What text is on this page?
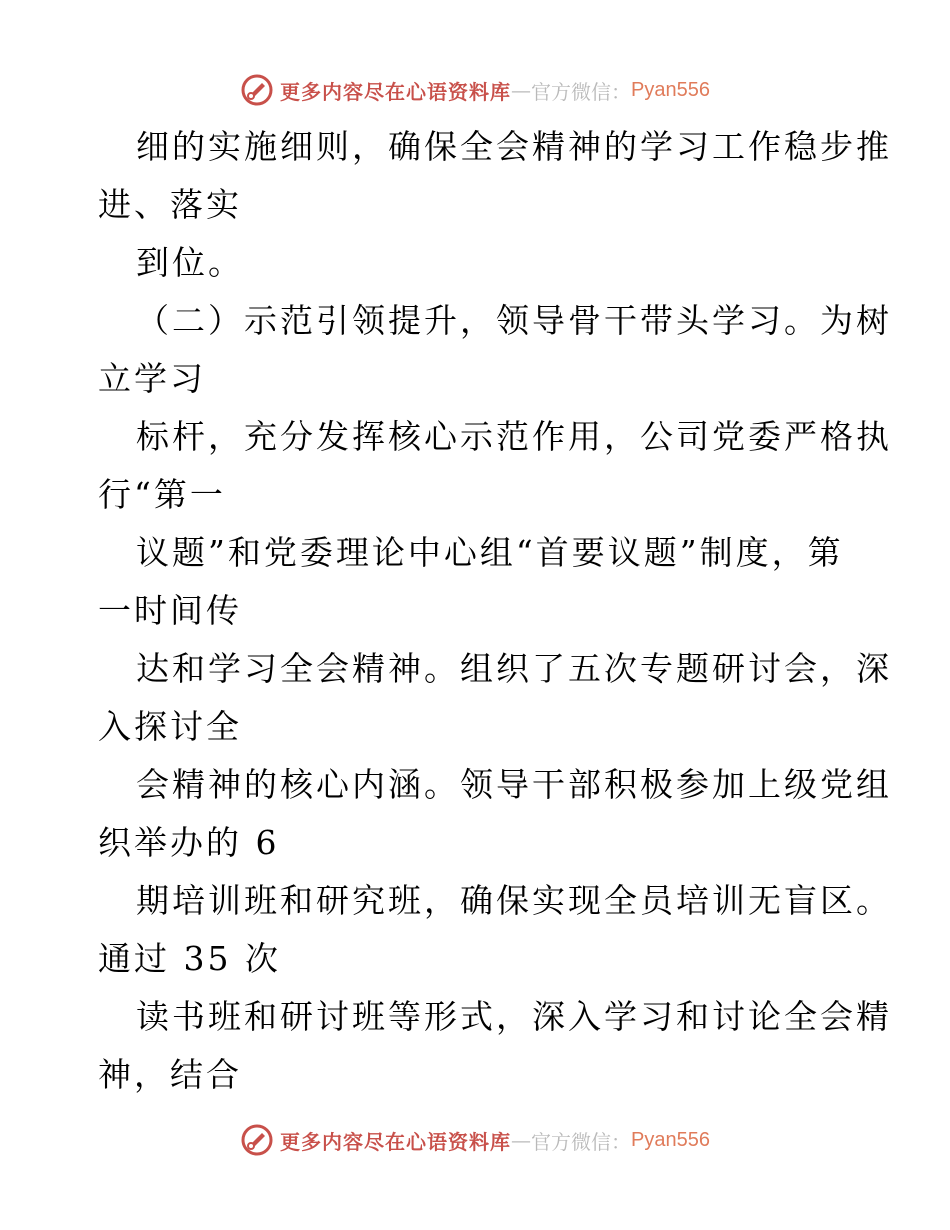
更多内容尽在心语资料库 — 官方微信： Pyan556
细的实施细则，确保全会精神的学习工作稳步推
进、落实
到位。
（二）示范引领提升，领导骨干带头学习。为树
立学习
标杆，充分发挥核心示范作用，公司党委严格执
行“第一
议题”和党委理论中心组“首要议题”制度，第
一时间传
达和学习全会精神。组织了五次专题研讨会，深
入探讨全
会精神的核心内涵。领导干部积极参加上级党组
织举办的 6
期培训班和研究班，确保实现全员培训无盲区。
通过 35 次
读书班和研讨班等形式，深入学习和讨论全会精
神，结合
更多内容尽在心语资料库 — 官方微信： Pyan556
